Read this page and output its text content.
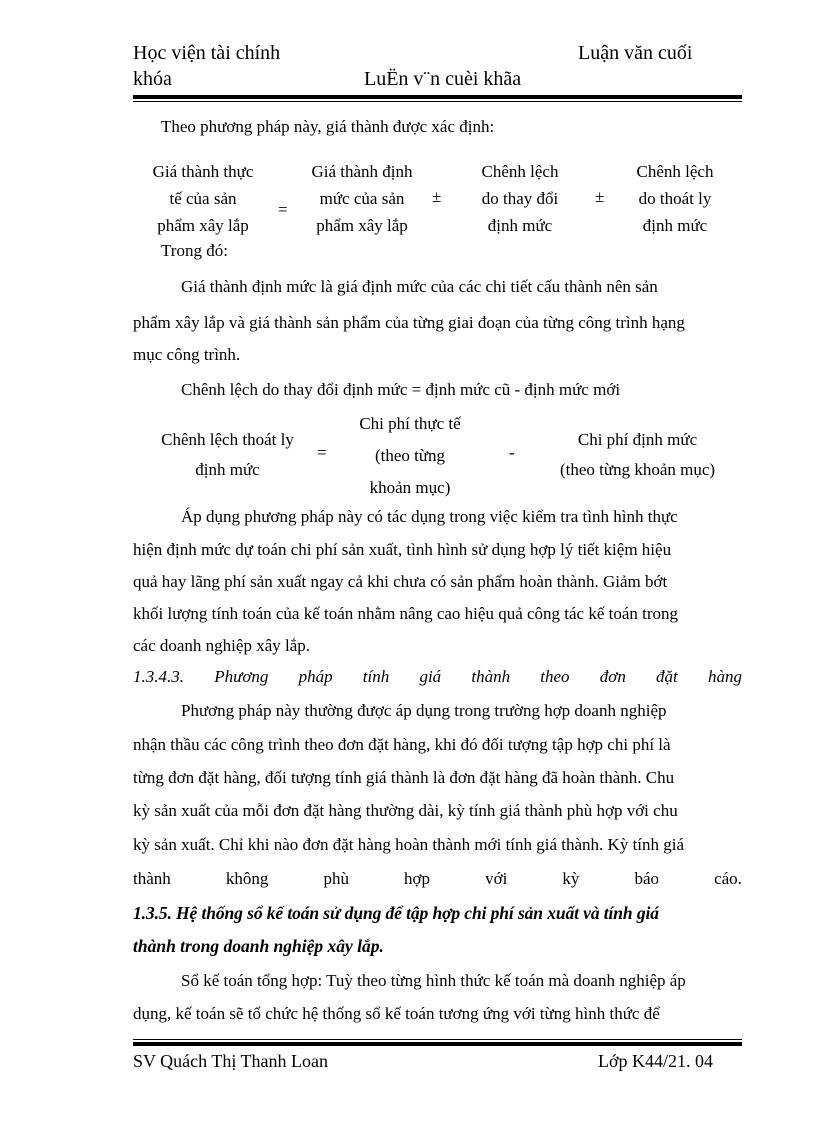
Học viện tài chính	Luận văn cuối
khóa	LuËn v¨n cuèi khãa
Theo phương pháp này, giá thành được xác định:
Giá thành thực
tế của sản
phẩm xây lắp
=
Giá thành định
mức của sản
phẩm xây lắp
±
Chênh lệch
do thay đổi
định mức
±
Chênh lệch
do thoát ly
định mức
Trong đó:
Giá thành định mức là giá định mức của các chi tiết cấu thành nên sản
phẩm xây lắp và giá thành sản phẩm của từng giai đoạn của từng công trình hạng
mục công trình.
Chênh lệch do thay đổi định mức = định mức cũ - định mức mới
Chênh lệch thoát ly
định mức
=
Chi phí thực tế
(theo từng
khoản mục)
-
Chi phí định mức
(theo từng khoản mục)
Áp dụng phương pháp này có tác dụng trong việc kiểm tra tình hình thực
hiện định mức dự toán chi phí sản xuất, tình hình sử dụng hợp lý tiết kiệm hiệu
quả hay lãng phí sản xuất ngay cả khi chưa có sản phẩm hoàn thành. Giảm bớt
khối lượng tính toán của kế toán nhằm nâng cao hiệu quả công tác kế toán trong
các doanh nghiệp xây lắp.
1.3.4.3. Phương pháp tính giá thành theo đơn đặt hàng
Phương pháp này thường được áp dụng trong trường hợp doanh nghiệp
nhận thầu các công trình theo đơn đặt hàng, khi đó đối tượng tập hợp chi phí là
từng đơn đặt hàng, đối tượng tính giá thành là đơn đặt hàng đã hoàn thành. Chu
kỳ sản xuất của mỗi đơn đặt hàng thường dài, kỳ tính giá thành phù hợp với chu
kỳ sản xuất. Chỉ khi nào đơn đặt hàng hoàn thành mới tính giá thành. Kỳ tính giá
thành	không	phù	hợp	với	kỳ	báo	cáo.
1.3.5. Hệ thống sổ kế toán sử dụng để tập hợp chi phí sản xuất và tính giá
thành trong doanh nghiệp xây lắp.
Sổ kế toán tổng hợp: Tuỳ theo từng hình thức kế toán mà doanh nghiệp áp
dụng, kế toán sẽ tổ chức hệ thống sổ kế toán tương ứng với từng hình thức để
SV Quách Thị Thanh Loan	Lớp K44/21. 04
